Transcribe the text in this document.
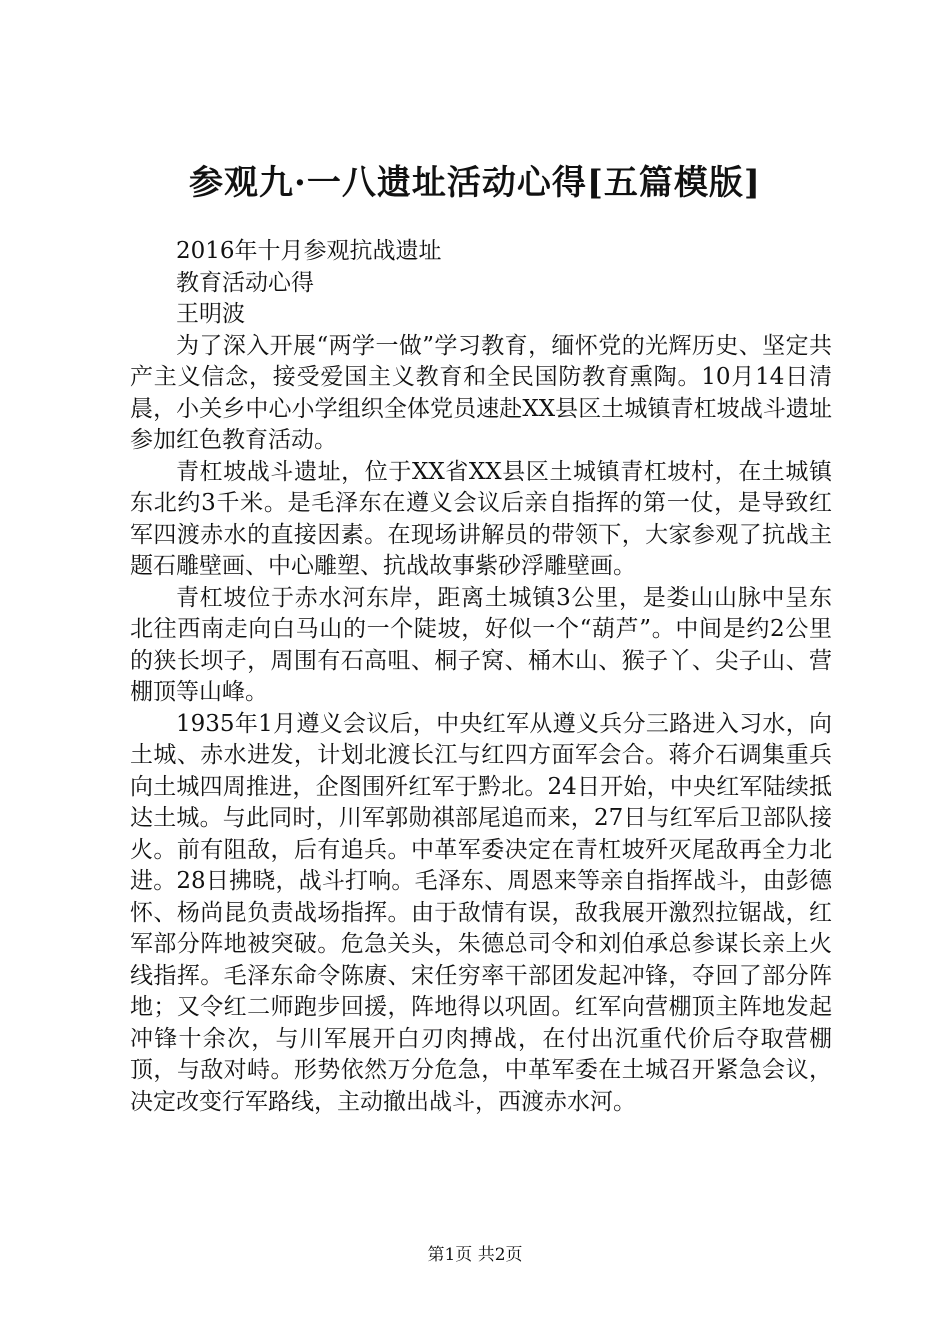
参观九·一八遗址活动心得[五篇模版]

2016年十月参观抗战遗址

教育活动心得

王明波

为了深入开展“两学一做”学习教育，缅怀党的光辉历史、坚定共产主义信念，接受爱国主义教育和全民国防教育熏陶。10月14日清晨，小关乡中心小学组织全体党员速赴XX县区土城镇青杠坡战斗遗址参加红色教育活动。

青杠坡战斗遗址，位于XX省XX县区土城镇青杠坡村，在土城镇东北约3千米。是毛泽东在遵义会议后亲自指挥的第一仗，是导致红军四渡赤水的直接因素。在现场讲解员的带领下，大家参观了抗战主题石雕壁画、中心雕塑、抗战故事紫砂浮雕壁画。

青杠坡位于赤水河东岸，距离土城镇3公里，是娄山山脉中呈东北往西南走向白马山的一个陡坡，好似一个“葫芦”。中间是约2公里的狭长坝子，周围有石高咀、桐子窝、桶木山、猴子丫、尖子山、营棚顶等山峰。

1935年1月遵义会议后，中央红军从遵义兵分三路进入习水，向土城、赤水进发，计划北渡长江与红四方面军会合。蒋介石调集重兵向土城四周推进，企图围歼红军于黔北。24日开始，中央红军陆续抵达土城。与此同时，川军郭勋祺部尾追而来，27日与红军后卫部队接火。前有阻敌，后有追兵。中革军委决定在青杠坡歼灭尾敌再全力北进。28日拂晓，战斗打响。毛泽东、周恩来等亲自指挥战斗，由彭德怀、杨尚昆负责战场指挥。由于敌情有误，敌我展开激烈拉锯战，红军部分阵地被突破。危急关头，朱德总司令和刘伯承总参谋长亲上火线指挥。毛泽东命令陈赓、宋任穷率干部团发起冲锋，夺回了部分阵地；又令红二师跑步回援，阵地得以巩固。红军向营棚顶主阵地发起冲锋十余次，与川军展开白刃肉搏战，在付出沉重代价后夺取营棚顶，与敌对峙。形势依然万分危急，中革军委在土城召开紧急会议，决定改变行军路线，主动撤出战斗，西渡赤水河。

第1页 共2页
